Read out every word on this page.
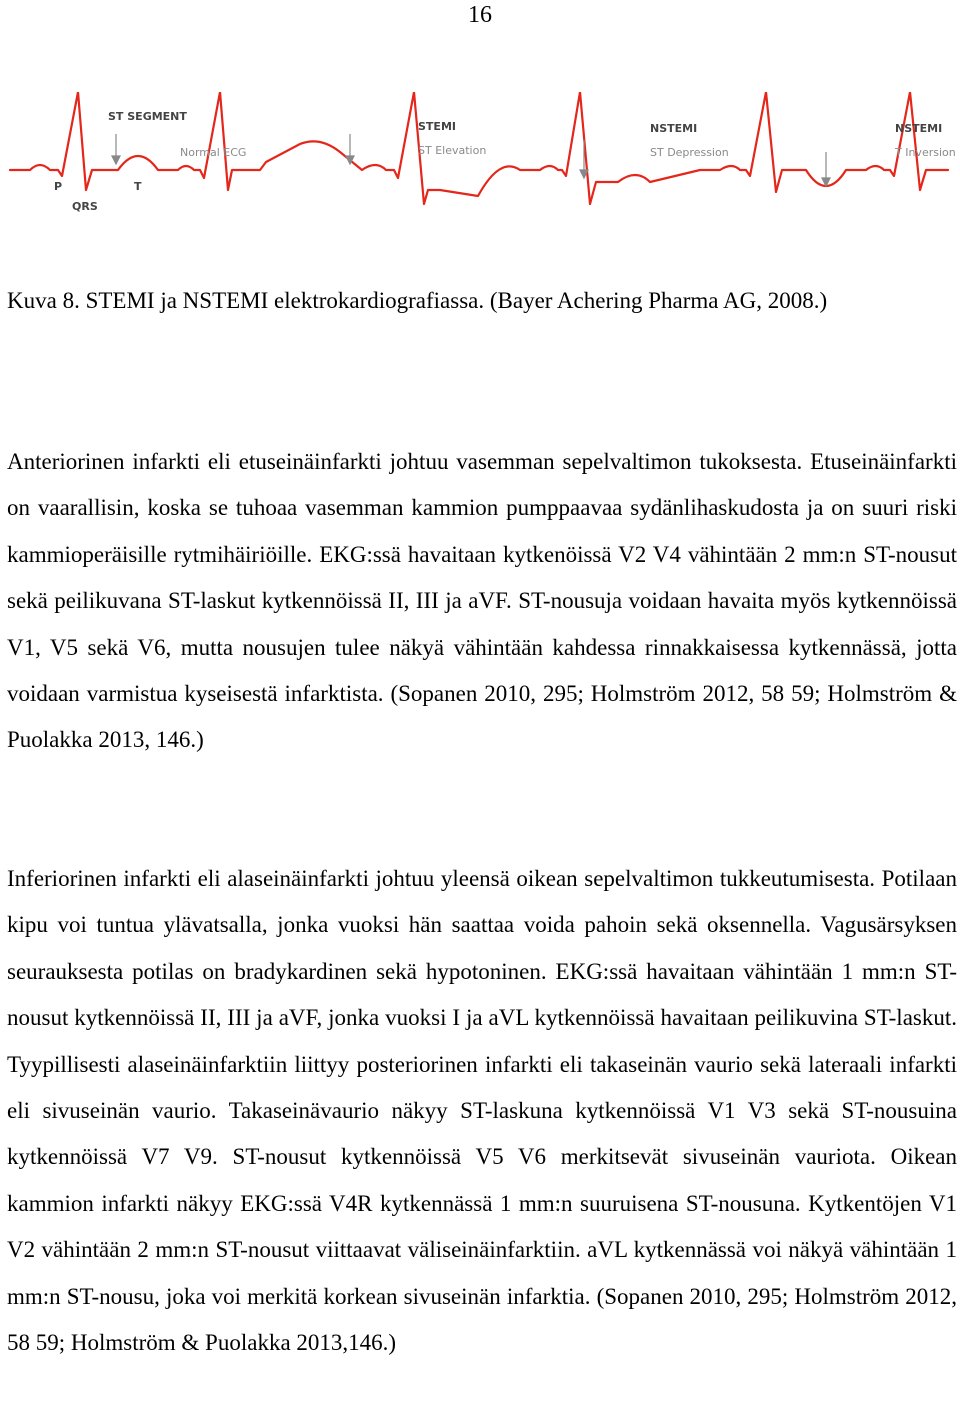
16
ST SEGMENT
Normal ECG
P	T
QRS
STEMI
ST Elevation
NSTEMI
ST Depression
NSTEMI
T Inversion
Kuva 8. STEMI ja NSTEMI elektrokardiografiassa. (Bayer Achering Pharma AG, 2008.)

Anteriorinen infarkti eli etuseinäinfarkti johtuu vasemman sepelvaltimon tukoksesta. Etuseinäinfarkti on vaarallisin, koska se tuhoaa vasemman kammion pumppaavaa sydänlihaskudosta ja on suuri riski kammioperäisille rytmihäiriöille. EKG:ssä havaitaan kytkenöissä V2 V4 vähintään 2 mm:n ST-nousut sekä peilikuvana ST-laskut kytkennöissä II, III ja aVF. ST-nousuja voidaan havaita myös kytkennöissä V1, V5 sekä V6, mutta nousujen tulee näkyä vähintään kahdessa rinnakkaisessa kytkennässä, jotta voidaan varmistua kyseisestä infarktista. (Sopanen 2010, 295; Holmström 2012, 58 59; Holmström & Puolakka 2013, 146.)

Inferiorinen infarkti eli alaseinäinfarkti johtuu yleensä oikean sepelvaltimon tukkeutumisesta. Potilaan kipu voi tuntua ylävatsalla, jonka vuoksi hän saattaa voida pahoin sekä oksennella. Vagusärsyksen seurauksesta potilas on bradykardinen sekä hypotoninen. EKG:ssä havaitaan vähintään 1 mm:n ST-nousut kytkennöissä II, III ja aVF, jonka vuoksi I ja aVL kytkennöissä havaitaan peilikuvina ST-laskut. Tyypillisesti alaseinäinfarktiin liittyy posteriorinen infarkti eli takaseinän vaurio sekä lateraali infarkti eli sivuseinän vaurio. Takaseinävaurio näkyy ST-laskuna kytkennöissä V1 V3 sekä ST-nousuina kytkennöissä V7 V9. ST-nousut kytkennöissä V5 V6 merkitsevät sivuseinän vauriota. Oikean kammion infarkti näkyy EKG:ssä V4R kytkennässä 1 mm:n suuruisena ST-nousuna. Kytkentöjen V1 V2 vähintään 2 mm:n ST-nousut viittaavat väliseinäinfarktiin. aVL kytkennässä voi näkyä vähintään 1 mm:n ST-nousu, joka voi merkitä korkean sivuseinän infarktia. (Sopanen 2010, 295; Holmström 2012, 58 59; Holmström & Puolakka 2013,146.)
